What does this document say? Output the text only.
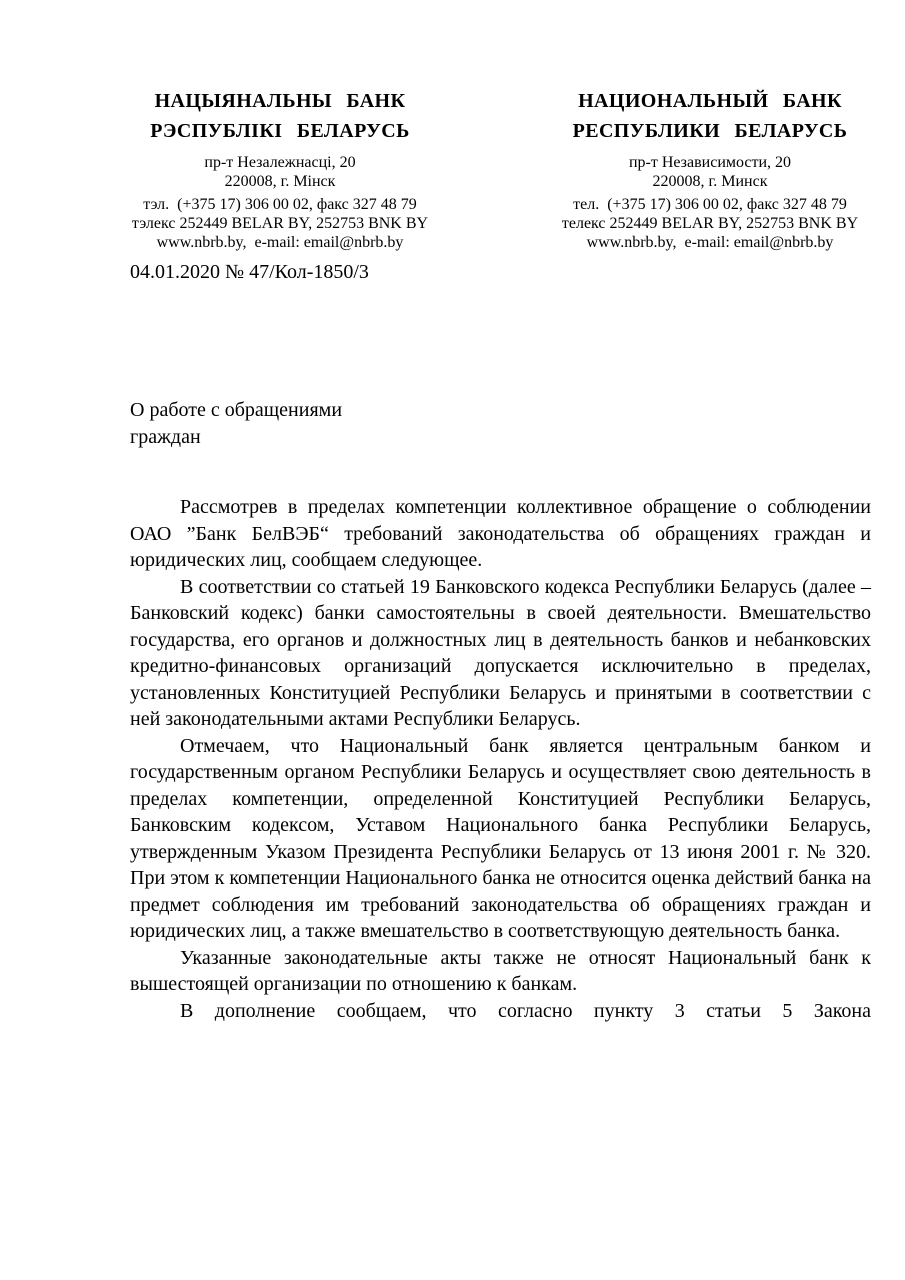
НАЦЫЯНАЛЬНЫ БАНК
РЭСПУБЛІКІ БЕЛАРУСЬ
пр-т Незалежнасці, 20
220008, г. Мінск
тэл.  (+375 17) 306 00 02, факс 327 48 79
тэлекс 252449 BELAR BY, 252753 BNK BY
www.nbrb.by,  e-mail: email@nbrb.by
НАЦИОНАЛЬНЫЙ БАНК
РЕСПУБЛИКИ БЕЛАРУСЬ
пр-т Независимости, 20
220008, г. Минск
тел.  (+375 17) 306 00 02, факс 327 48 79
телекс 252449 BELAR BY, 252753 BNK BY
www.nbrb.by,  e-mail: email@nbrb.by
04.01.2020 № 47/Кол-1850/3
О работе с обращениями
граждан

Рассмотрев в пределах компетенции коллективное обращение о соблюдении ОАО ”Банк БелВЭБ“ требований законодательства об обращениях граждан и юридических лиц, сообщаем следующее.

В соответствии со статьей 19 Банковского кодекса Республики Беларусь (далее – Банковский кодекс) банки самостоятельны в своей деятельности. Вмешательство государства, его органов и должностных лиц в деятельность банков и небанковских кредитно-финансовых организаций допускается исключительно в пределах, установленных Конституцией Республики Беларусь и принятыми в соответствии с ней законодательными актами Республики Беларусь.

Отмечаем, что Национальный банк является центральным банком и государственным органом Республики Беларусь и осуществляет свою деятельность в пределах компетенции, определенной Конституцией Республики Беларусь, Банковским кодексом, Уставом Национального банка Республики Беларусь, утвержденным Указом Президента Республики Беларусь от 13 июня 2001 г. № 320. При этом к компетенции Национального банка не относится оценка действий банка на предмет соблюдения им требований законодательства об обращениях граждан и юридических лиц, а также вмешательство в соответствующую деятельность банка.

Указанные законодательные акты также не относят Национальный банк к вышестоящей организации по отношению к банкам.

В дополнение сообщаем, что согласно пункту 3 статьи 5 Закона
